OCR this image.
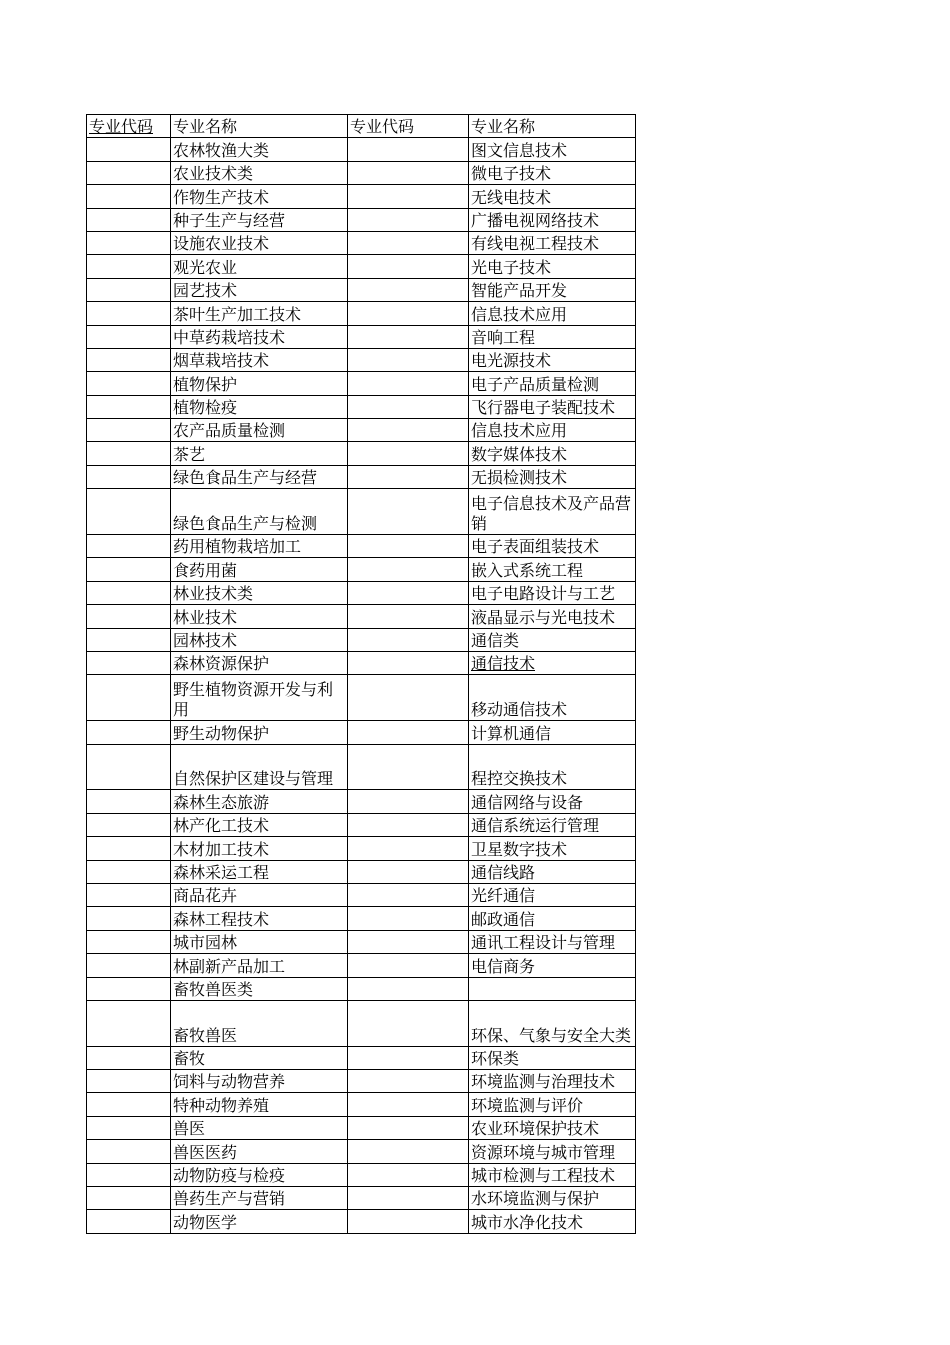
专业代码	专业名称	专业代码	专业名称
	农林牧渔大类		图文信息技术
	农业技术类		微电子技术
	作物生产技术		无线电技术
	种子生产与经营		广播电视网络技术
	设施农业技术		有线电视工程技术
	观光农业		光电子技术
	园艺技术		智能产品开发
	茶叶生产加工技术		信息技术应用
	中草药栽培技术		音响工程
	烟草栽培技术		电光源技术
	植物保护		电子产品质量检测
	植物检疫		飞行器电子装配技术
	农产品质量检测		信息技术应用
	茶艺		数字媒体技术
	绿色食品生产与经营		无损检测技术
	绿色食品生产与检测		电子信息技术及产品营销
	药用植物栽培加工		电子表面组装技术
	食药用菌		嵌入式系统工程
	林业技术类		电子电路设计与工艺
	林业技术		液晶显示与光电技术
	园林技术		通信类
	森林资源保护		通信技术
	野生植物资源开发与利用		移动通信技术
	野生动物保护		计算机通信
	自然保护区建设与管理		程控交换技术
	森林生态旅游		通信网络与设备
	林产化工技术		通信系统运行管理
	木材加工技术		卫星数字技术
	森林采运工程		通信线路
	商品花卉		光纤通信
	森林工程技术		邮政通信
	城市园林		通讯工程设计与管理
	林副新产品加工		电信商务
	畜牧兽医类		
	畜牧兽医		环保、气象与安全大类
	畜牧		环保类
	饲料与动物营养		环境监测与治理技术
	特种动物养殖		环境监测与评价
	兽医		农业环境保护技术
	兽医医药		资源环境与城市管理
	动物防疫与检疫		城市检测与工程技术
	兽药生产与营销		水环境监测与保护
	动物医学		城市水净化技术
